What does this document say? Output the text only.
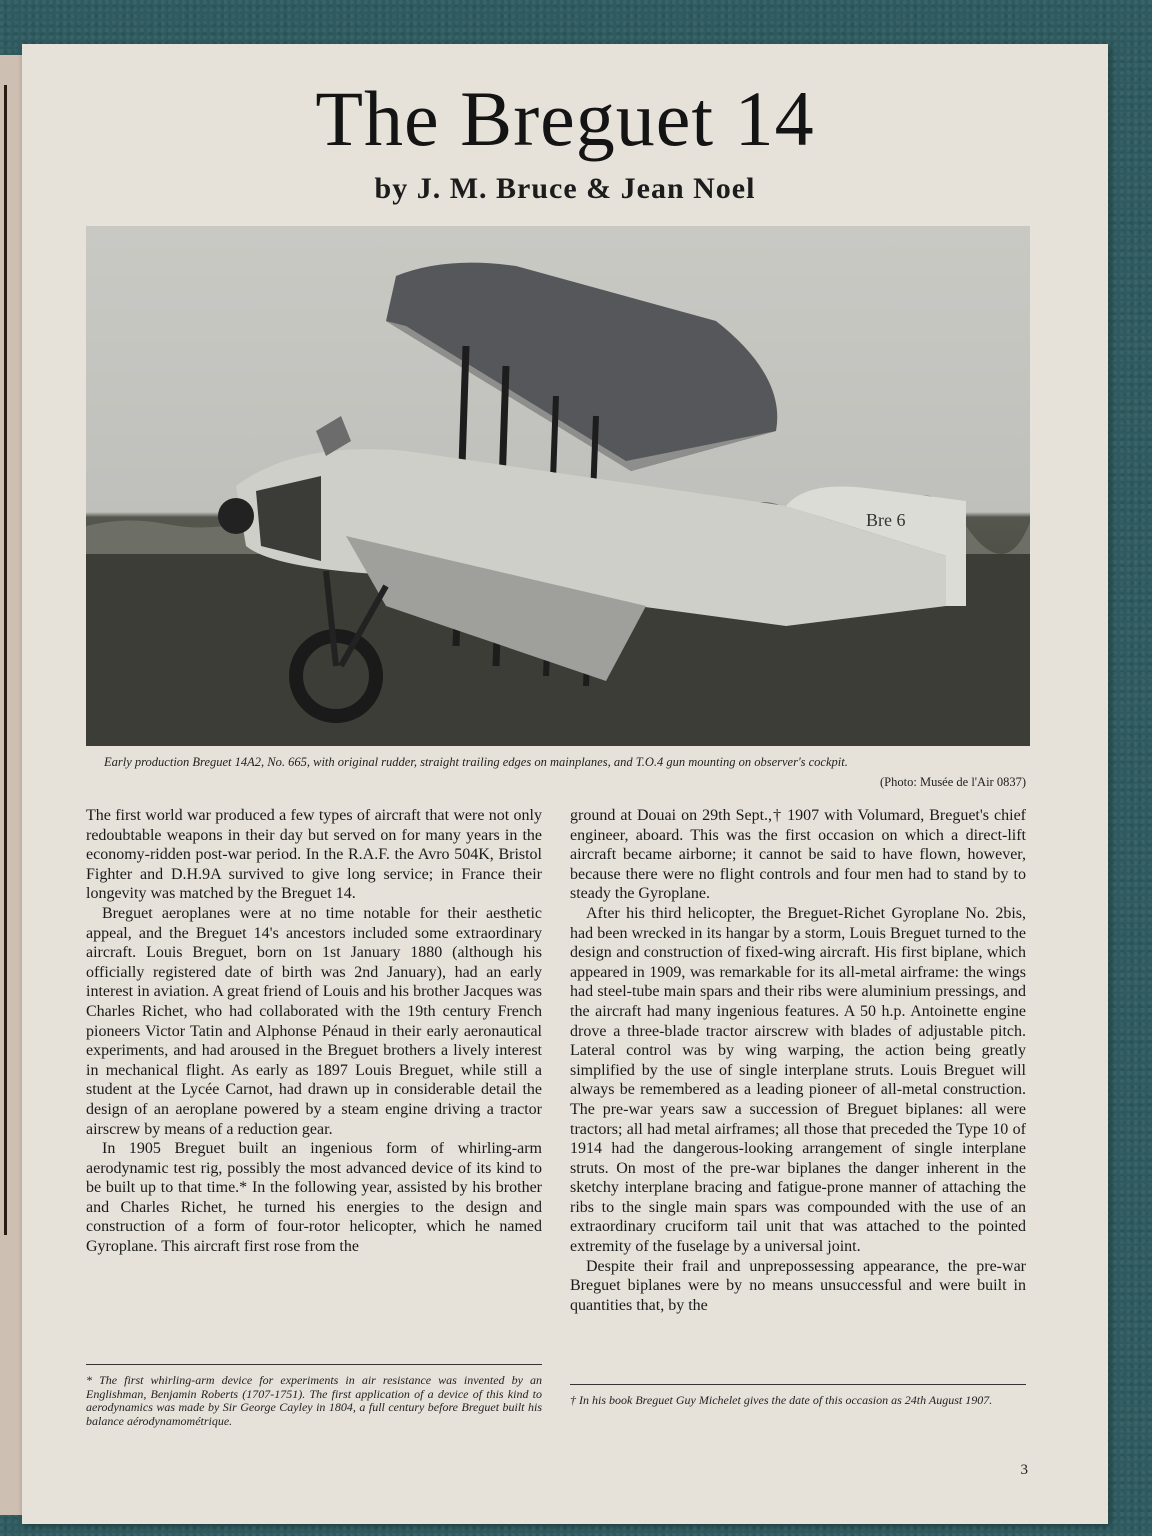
The Breguet 14
by J. M. Bruce & Jean Noel
Bre 6
Early production Breguet 14A2, No. 665, with original rudder, straight trailing edges on mainplanes, and T.O.4 gun mounting on observer's cockpit.
(Photo: Musée de l'Air 0837)

The first world war produced a few types of aircraft that were not only redoubtable weapons in their day but served on for many years in the economy-ridden post-war period. In the R.A.F. the Avro 504K, Bristol Fighter and D.H.9A survived to give long service; in France their longevity was matched by the Breguet 14.

Breguet aeroplanes were at no time notable for their aesthetic appeal, and the Breguet 14's ancestors included some extraordinary aircraft. Louis Breguet, born on 1st January 1880 (although his officially registered date of birth was 2nd January), had an early interest in aviation. A great friend of Louis and his brother Jacques was Charles Richet, who had collaborated with the 19th century French pioneers Victor Tatin and Alphonse Pénaud in their early aeronautical experiments, and had aroused in the Breguet brothers a lively interest in mechanical flight. As early as 1897 Louis Breguet, while still a student at the Lycée Carnot, had drawn up in considerable detail the design of an aeroplane powered by a steam engine driving a tractor airscrew by means of a reduction gear.

In 1905 Breguet built an ingenious form of whirling-arm aerodynamic test rig, possibly the most advanced device of its kind to be built up to that time.* In the following year, assisted by his brother and Charles Richet, he turned his energies to the design and construction of a form of four-rotor helicopter, which he named Gyroplane. This aircraft first rose from the

ground at Douai on 29th Sept.,† 1907 with Volumard, Breguet's chief engineer, aboard. This was the first occasion on which a direct-lift aircraft became airborne; it cannot be said to have flown, however, because there were no flight controls and four men had to stand by to steady the Gyroplane.

After his third helicopter, the Breguet-Richet Gyroplane No. 2bis, had been wrecked in its hangar by a storm, Louis Breguet turned to the design and construction of fixed-wing aircraft. His first biplane, which appeared in 1909, was remarkable for its all-metal airframe: the wings had steel-tube main spars and their ribs were aluminium pressings, and the aircraft had many ingenious features. A 50 h.p. Antoinette engine drove a three-blade tractor airscrew with blades of adjustable pitch. Lateral control was by wing warping, the action being greatly simplified by the use of single interplane struts. Louis Breguet will always be remembered as a leading pioneer of all-metal construction. The pre-war years saw a succession of Breguet biplanes: all were tractors; all had metal airframes; all those that preceded the Type 10 of 1914 had the dangerous-looking arrangement of single interplane struts. On most of the pre-war biplanes the danger inherent in the sketchy interplane bracing and fatigue-prone manner of attaching the ribs to the single main spars was compounded with the use of an extraordinary cruciform tail unit that was attached to the pointed extremity of the fuselage by a universal joint.

Despite their frail and unprepossessing appearance, the pre-war Breguet biplanes were by no means unsuccessful and were built in quantities that, by the

* The first whirling-arm device for experiments in air resistance was invented by an Englishman, Benjamin Roberts (1707-1751). The first application of a device of this kind to aerodynamics was made by Sir George Cayley in 1804, a full century before Breguet built his balance aérodynamométrique.
† In his book Breguet Guy Michelet gives the date of this occasion as 24th August 1907.
3
